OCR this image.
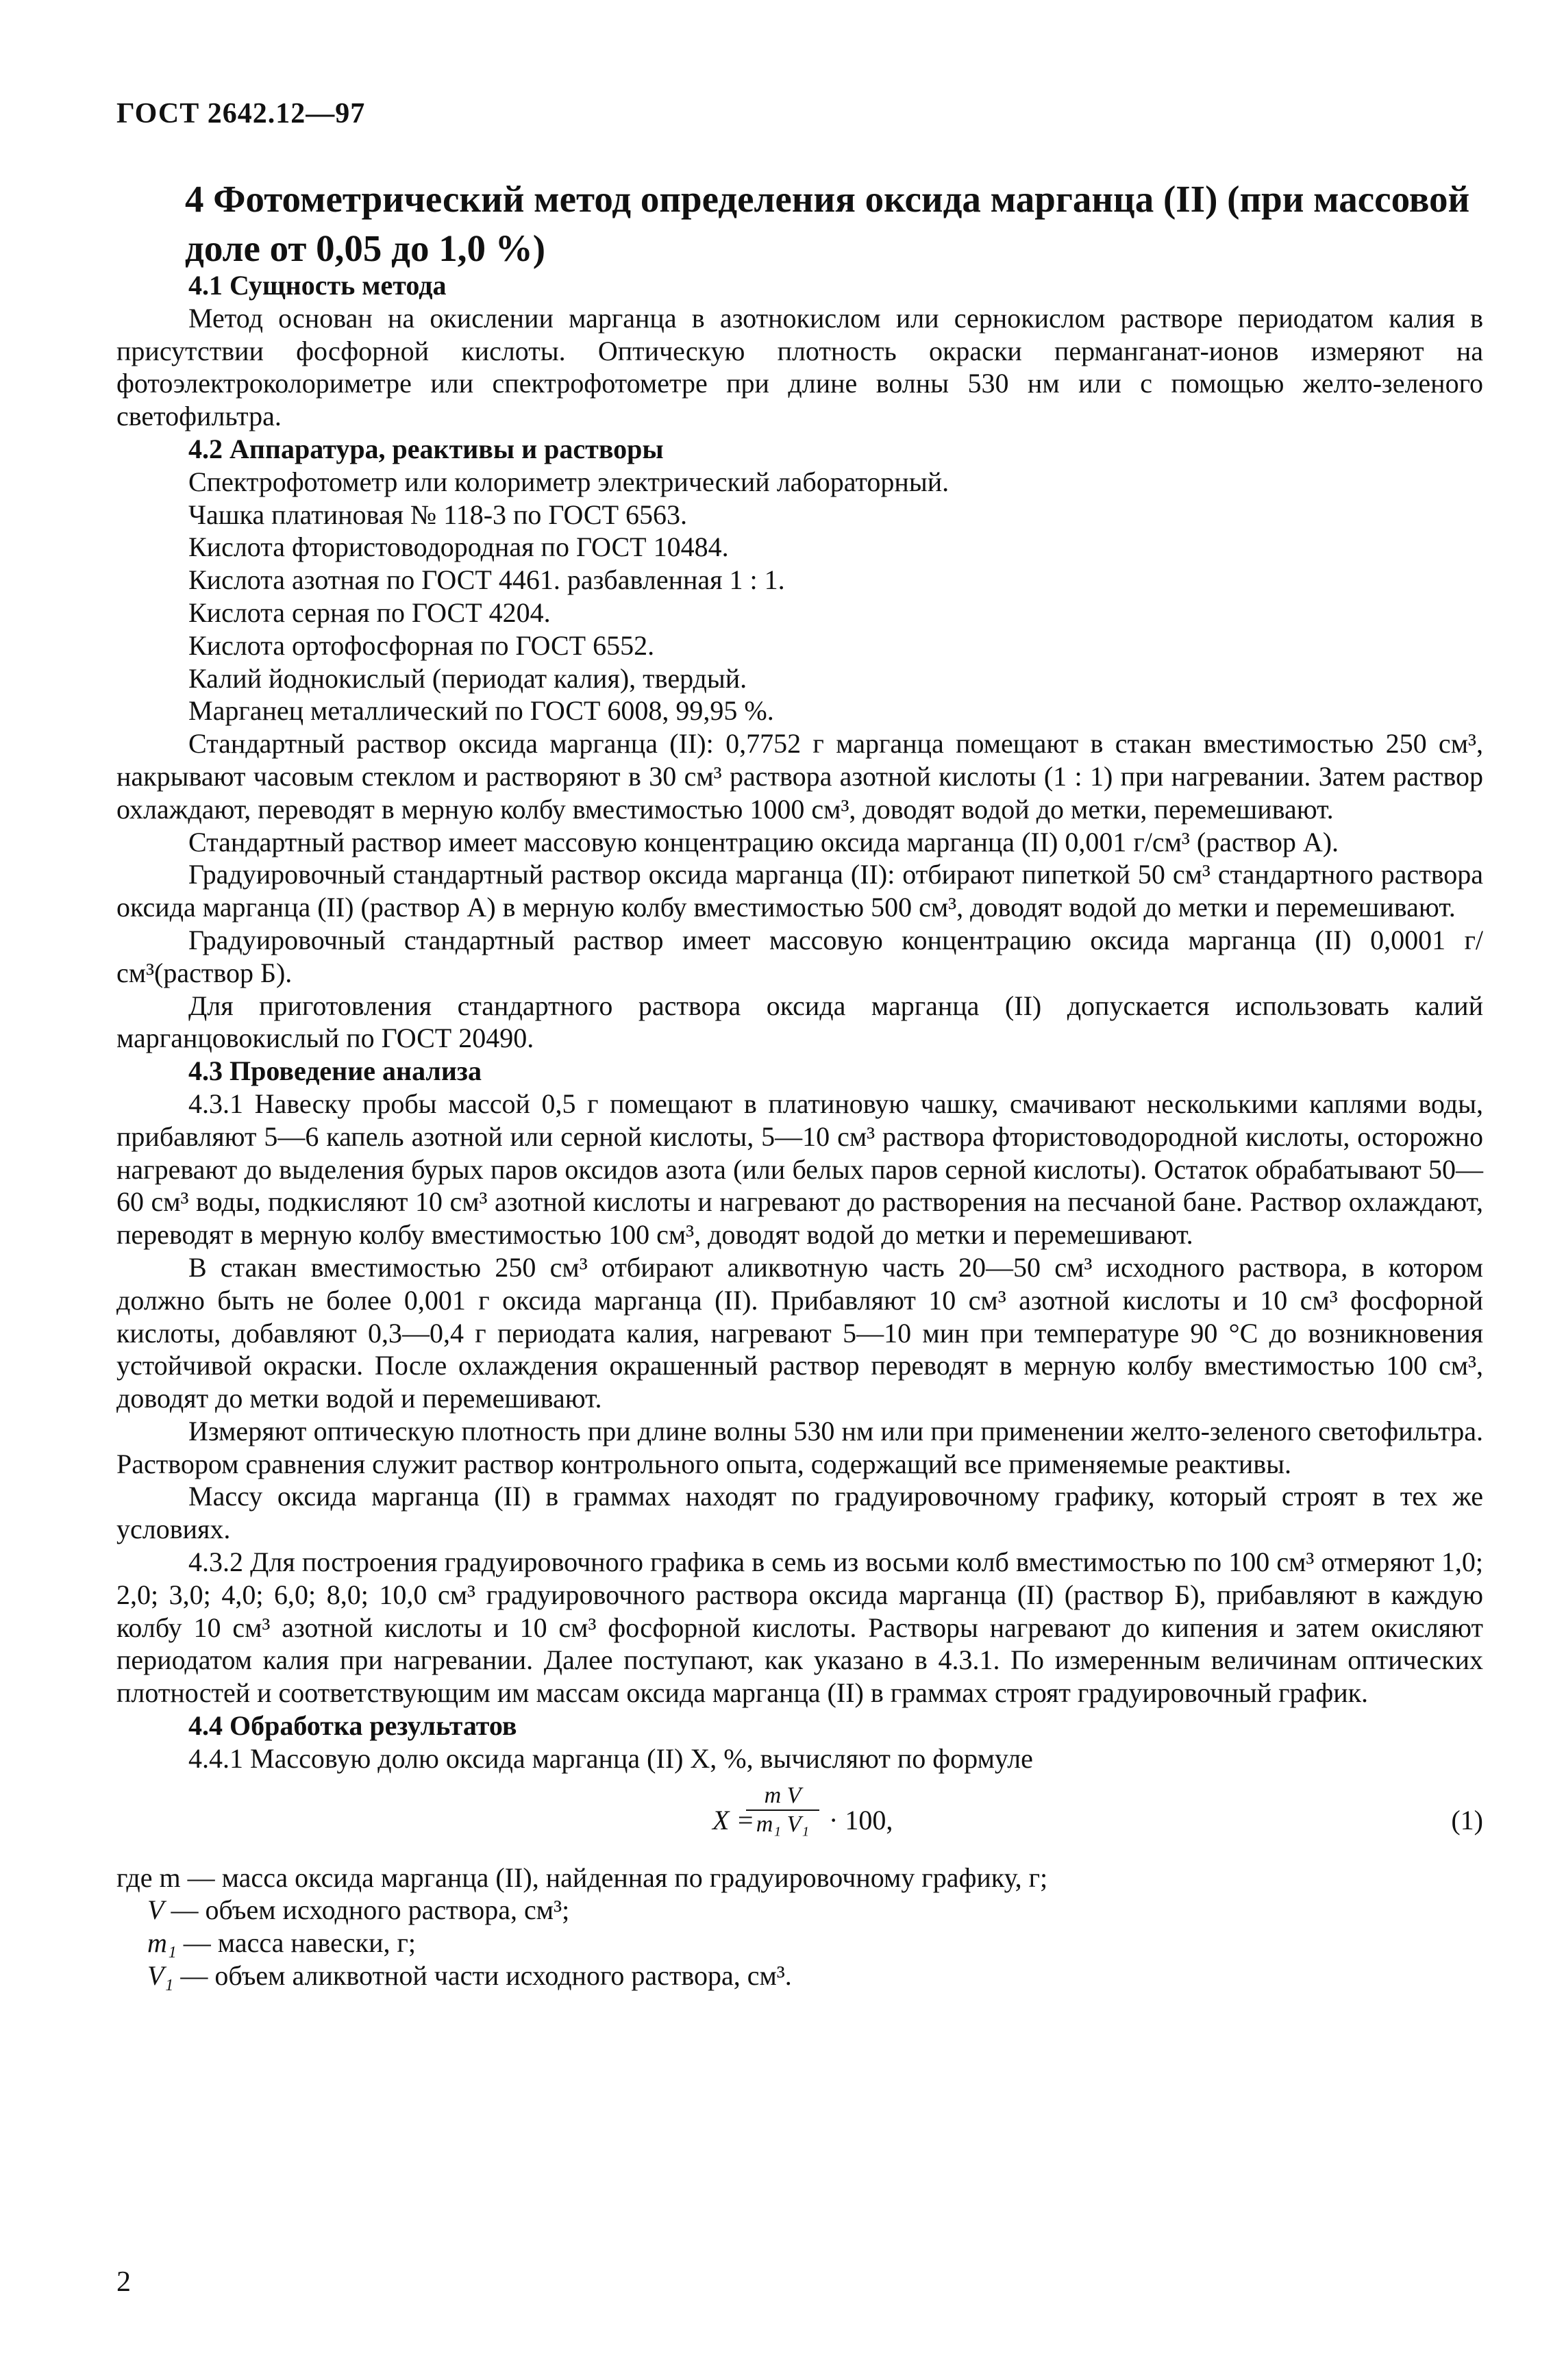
ГОСТ 2642.12—97
4 Фотометрический метод определения оксида марганца (II) (при массовой доле от 0,05 до 1,0 %)

4.1 Сущность метода

Метод основан на окислении марганца в азотнокислом или сернокислом растворе периодатом калия в присутствии фосфорной кислоты. Оптическую плотность окраски перманганат-ионов измеряют на фотоэлектроколориметре или спектрофотометре при длине волны 530 нм или с помощью желто-зеленого светофильтра.

4.2 Аппаратура, реактивы и растворы

Спектрофотометр или колориметр электрический лабораторный.

Чашка платиновая № 118-3 по ГОСТ 6563.

Кислота фтористоводородная по ГОСТ 10484.

Кислота азотная по ГОСТ 4461. разбавленная 1 : 1.

Кислота серная по ГОСТ 4204.

Кислота ортофосфорная по ГОСТ 6552.

Калий йоднокислый (периодат калия), твердый.

Марганец металлический по ГОСТ 6008, 99,95 %.

Стандартный раствор оксида марганца (II): 0,7752 г марганца помещают в стакан вместимостью 250 см³, накрывают часовым стеклом и растворяют в 30 см³ раствора азотной кислоты (1 : 1) при нагревании. Затем раствор охлаждают, переводят в мерную колбу вместимостью 1000 см³, доводят водой до метки, перемешивают.

Стандартный раствор имеет массовую концентрацию оксида марганца (II) 0,001 г/см³ (раствор А).

Градуировочный стандартный раствор оксида марганца (II): отбирают пипеткой 50 см³ стандартного раствора оксида марганца (II) (раствор А) в мерную колбу вместимостью 500 см³, доводят водой до метки и перемешивают.

Градуировочный стандартный раствор имеет массовую концентрацию оксида марганца (II) 0,0001 г/см³(раствор Б).

Для приготовления стандартного раствора оксида марганца (II) допускается использовать калий марганцовокислый по ГОСТ 20490.

4.3 Проведение анализа

4.3.1 Навеску пробы массой 0,5 г помещают в платиновую чашку, смачивают несколькими каплями воды, прибавляют 5—6 капель азотной или серной кислоты, 5—10 см³ раствора фтористоводородной кислоты, осторожно нагревают до выделения бурых паров оксидов азота (или белых паров серной кислоты). Остаток обрабатывают 50—60 см³ воды, подкисляют 10 см³ азотной кислоты и нагревают до растворения на песчаной бане. Раствор охлаждают, переводят в мерную колбу вместимостью 100 см³, доводят водой до метки и перемешивают.

В стакан вместимостью 250 см³ отбирают аликвотную часть 20—50 см³ исходного раствора, в котором должно быть не более 0,001 г оксида марганца (II). Прибавляют 10 см³ азотной кислоты и 10 см³ фосфорной кислоты, добавляют 0,3—0,4 г периодата калия, нагревают 5—10 мин при температуре 90 °С до возникновения устойчивой окраски. После охлаждения окрашенный раствор переводят в мерную колбу вместимостью 100 см³, доводят до метки водой и перемешивают.

Измеряют оптическую плотность при длине волны 530 нм или при применении желто-зеленого светофильтра. Раствором сравнения служит раствор контрольного опыта, содержащий все применяемые реактивы.

Массу оксида марганца (II) в граммах находят по градуировочному графику, который строят в тех же условиях.

4.3.2 Для построения градуировочного графика в семь из восьми колб вместимостью по 100 см³ отмеряют 1,0; 2,0; 3,0; 4,0; 6,0; 8,0; 10,0 см³ градуировочного раствора оксида марганца (II) (раствор Б), прибавляют в каждую колбу 10 см³ азотной кислоты и 10 см³ фосфорной кислоты. Растворы нагревают до кипения и затем окисляют периодатом калия при нагревании. Далее поступают, как указано в 4.3.1. По измеренным величинам оптических плотностей и соответствующим им массам оксида марганца (II) в граммах строят градуировочный график.

4.4 Обработка результатов

4.4.1 Массовую долю оксида марганца (II) X, %, вычисляют по формуле

X =
m V
m₁ V₁ · 100,	(1)

где m — масса оксида марганца (II), найденная по градуировочному графику, г;

V — объем исходного раствора, см³;

m₁ — масса навески, г;

V₁ — объем аликвотной части исходного раствора, см³.

2
